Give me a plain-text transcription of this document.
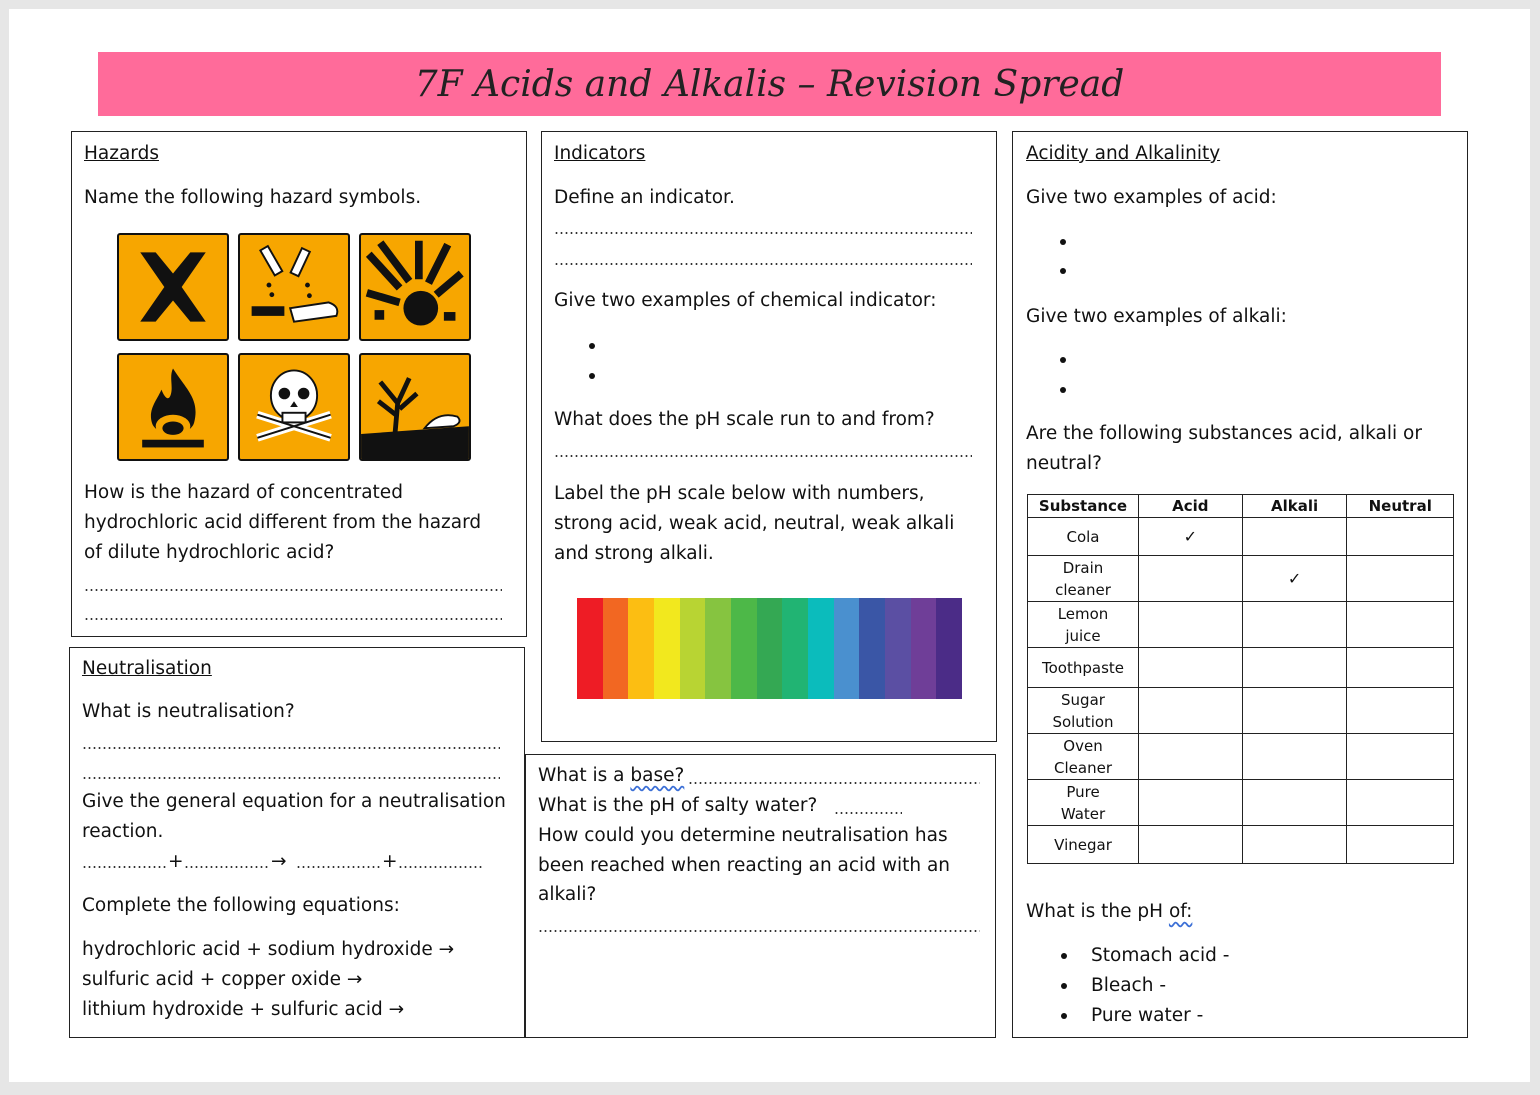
7F Acids and Alkalis – Revision Spread
Hazards
Name the following hazard symbols.
How is the hazard of concentrated
hydrochloric acid different from the hazard
of dilute hydrochloric acid?
Indicators
Define an indicator.
Give two examples of chemical indicator:
What does the pH scale run to and from?
Label the pH scale below with numbers,
strong acid, weak acid, neutral, weak alkali
and strong alkali.
Acidity and Alkalinity
Give two examples of acid:
Give two examples of alkali:
Are the following substances acid, alkali or
neutral?
Substance	Acid	Alkali	Neutral
Cola	✓		
Drain cleaner		✓	
Lemon juice			
Toothpaste			
Sugar Solution			
Oven Cleaner			
Pure Water			
Vinegar			
What is the pH of:
Stomach acid -
Bleach -
Pure water -
Neutralisation
What is neutralisation?
Give the general equation for a neutralisation
reaction.
+	→	+
Complete the following equations:
hydrochloric acid + sodium hydroxide →
sulfuric acid + copper oxide →
lithium hydroxide + sulfuric acid →
What is a base?
What is the pH of salty water?
How could you determine neutralisation has
been reached when reacting an acid with an
alkali?
